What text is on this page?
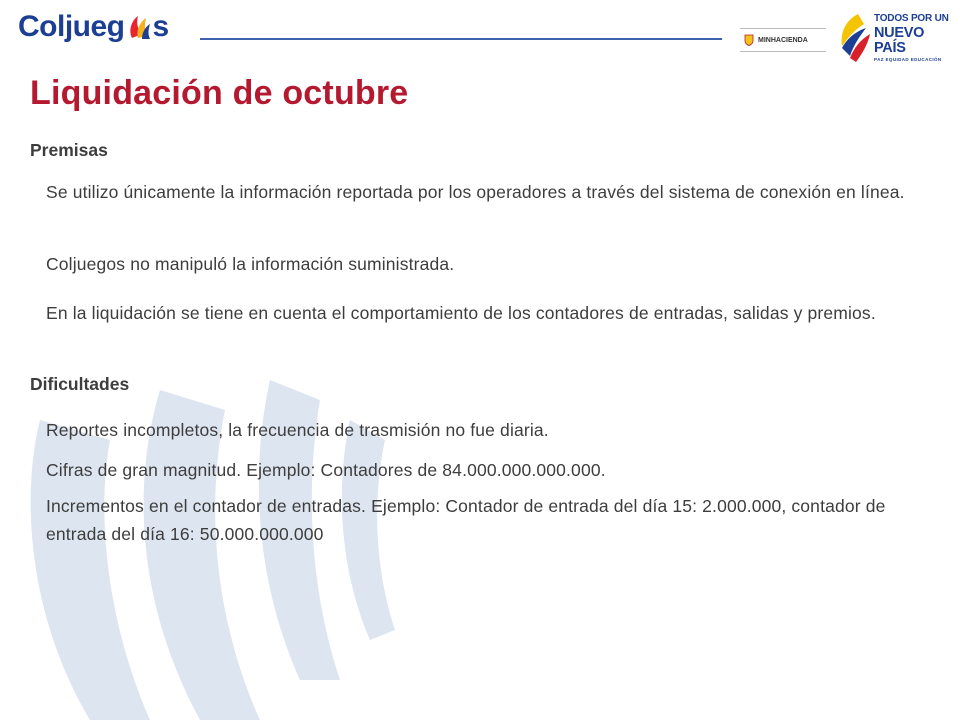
Coljueg s	MINHACIENDA
TODOS POR UN
NUEVO PAÍS
PAZ EQUIDAD EDUCACIÓN
Liquidación de octubre
Premisas

Se utilizo únicamente la información reportada por los operadores a través del sistema de conexión en línea.

Coljuegos no manipuló la información suministrada.

En la liquidación se tiene en cuenta el comportamiento de los contadores de entradas, salidas y premios.

Dificultades

Reportes incompletos, la frecuencia de trasmisión no fue diaria.

Cifras de gran magnitud. Ejemplo: Contadores de 84.000.000.000.000.

Incrementos en el contador de entradas. Ejemplo: Contador de entrada del día 15: 2.000.000, contador de entrada del día 16: 50.000.000.000
